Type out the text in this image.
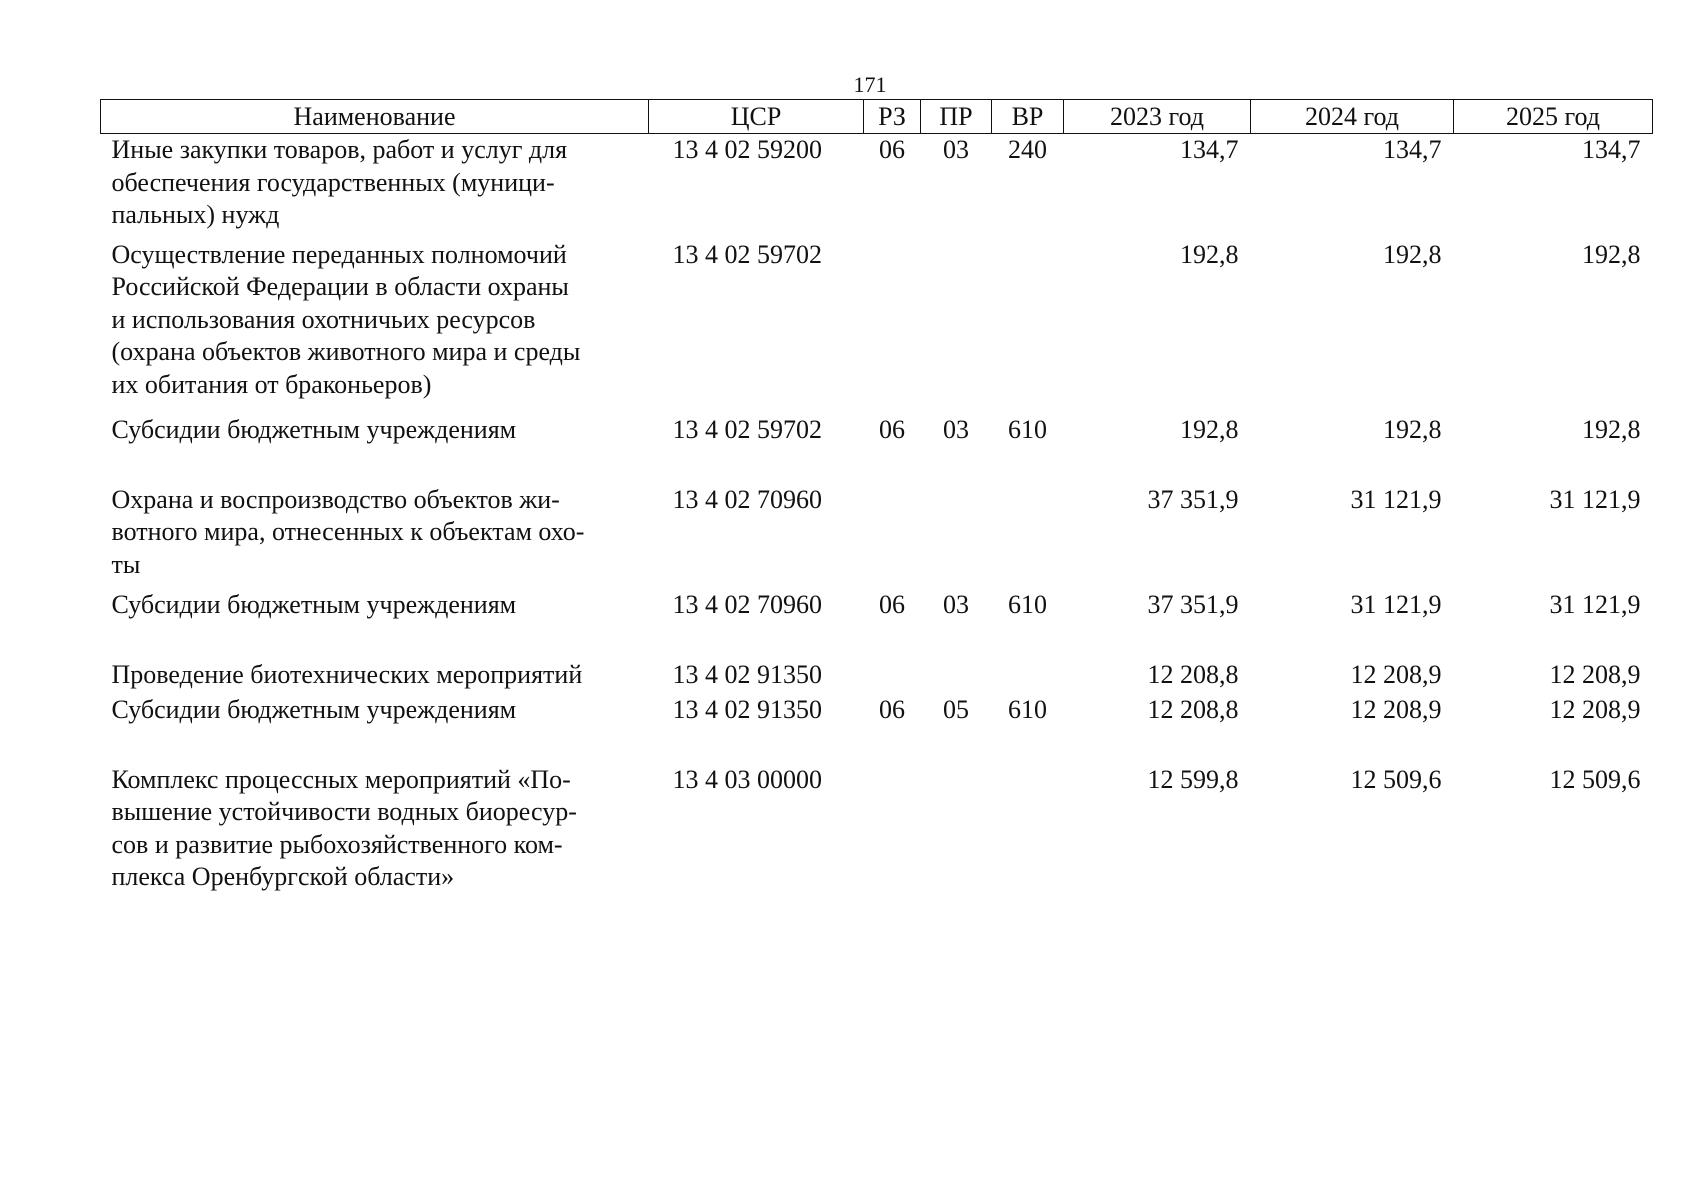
171
Наименование	ЦСР	РЗ	ПР	ВР	2023 год	2024 год	2025 год

Иные закупки товаров, работ и услуг для
обеспечения государственных (муници-
пальных) нужд	13 4 02 59200	06	03	240	134,7	134,7	134,7

Осуществление переданных полномочий
Российской Федерации в области охраны
и использования охотничьих ресурсов
(охрана объектов животного мира и среды
их обитания от браконьеров)	13 4 02 59702				192,8	192,8	192,8

Субсидии бюджетным учреждениям	13 4 02 59702	06	03	610	192,8	192,8	192,8

Охрана и воспроизводство объектов жи-
вотного мира, отнесенных к объектам охо-
ты	13 4 02 70960				37 351,9	31 121,9	31 121,9

Субсидии бюджетным учреждениям	13 4 02 70960	06	03	610	37 351,9	31 121,9	31 121,9

Проведение биотехнических мероприятий	13 4 02 91350				12 208,8	12 208,9	12 208,9

Субсидии бюджетным учреждениям	13 4 02 91350	06	05	610	12 208,8	12 208,9	12 208,9

Комплекс процессных мероприятий «По-
вышение устойчивости водных биоресур-
сов и развитие рыбохозяйственного ком-
плекса Оренбургской области»	13 4 03 00000				12 599,8	12 509,6	12 509,6
